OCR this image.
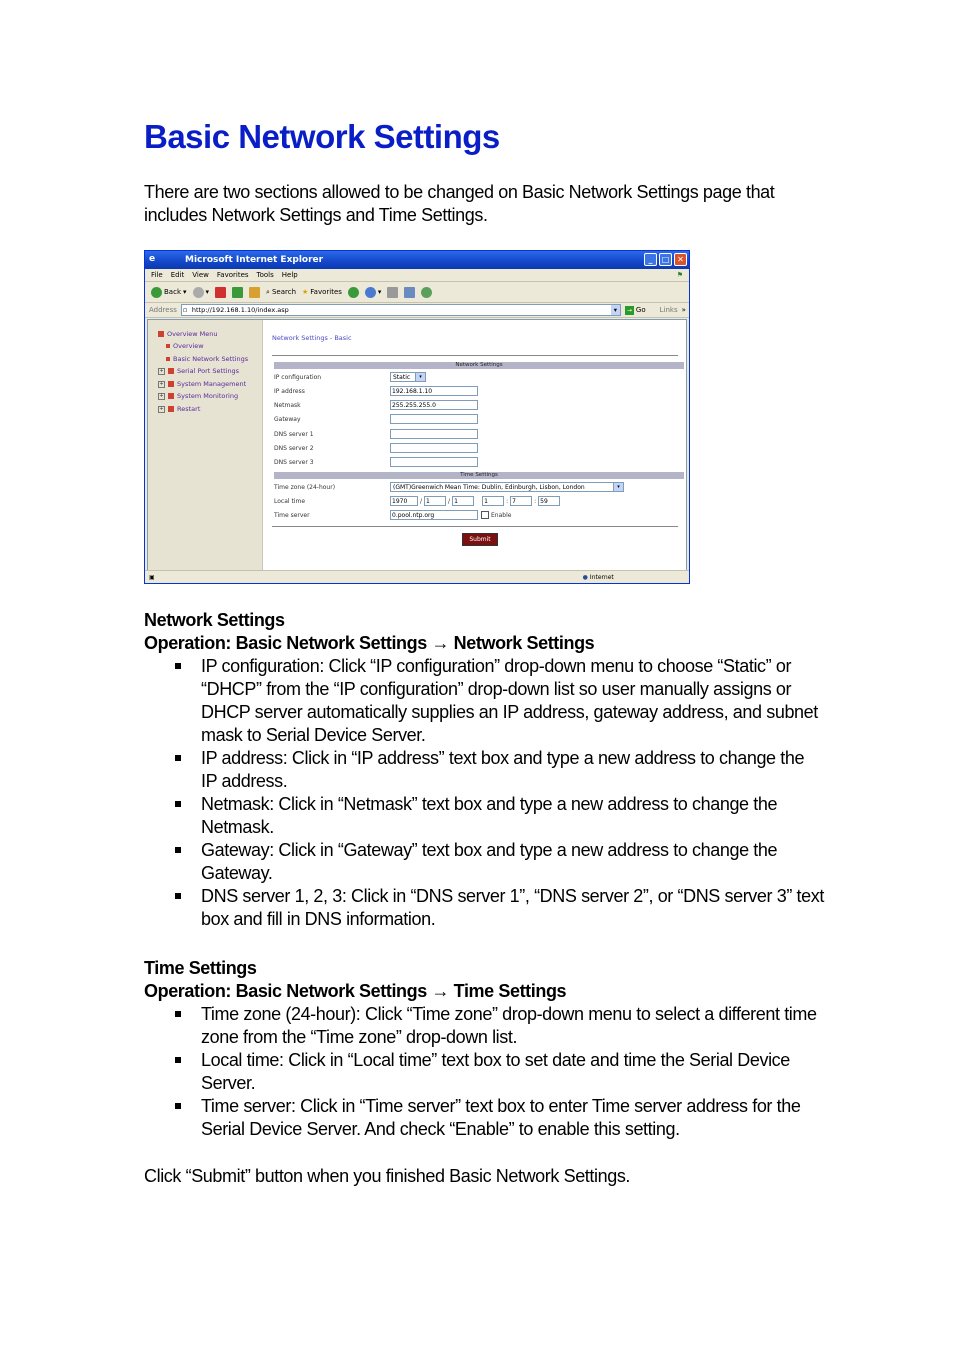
Basic Network Settings
There are two sections allowed to be changed on Basic Network Settings page that includes Network Settings and Time Settings.
e	Microsoft Internet Explorer	_	□ ✕
File Edit View Favorites Tools Help	⚑
Back ▾	▾	⌕ Search ★ Favorites	▾
Address ▫ http://192.168.1.10/index.asp	▾	→ Go Links »
Overview Menu
Overview
Basic Network Settings
+ Serial Port Settings
+ System Management
+ System Monitoring
+ Restart
Network Settings - Basic
Network Settings
IP configuration	Static	▾
IP address	192.168.1.10
Netmask	255.255.255.0
Gateway
DNS server 1
DNS server 2
DNS server 3
Time Settings
Time zone (24-hour)	(GMT)Greenwich Mean Time: Dublin, Edinburgh, Lisbon, London	▾
Local time	1970	/ 1	/ 1	1	: 7	: 59
Time server	0.pool.ntp.org	Enable
Submit
▣	● Internet
Network Settings
Operation: Basic Network Settings → Network Settings
IP configuration: Click “IP configuration” drop-down menu to choose “Static” or “DHCP” from the “IP configuration” drop-down list so user manually assigns or DHCP server automatically supplies an IP address, gateway address, and subnet mask to Serial Device Server.
IP address: Click in “IP address” text box and type a new address to change the IP address.
Netmask: Click in “Netmask” text box and type a new address to change the Netmask.
Gateway: Click in “Gateway” text box and type a new address to change the Gateway.
DNS server 1, 2, 3: Click in “DNS server 1”, “DNS server 2”, or “DNS server 3” text box and fill in DNS information.
Time Settings
Operation: Basic Network Settings → Time Settings
Time zone (24-hour): Click “Time zone” drop-down menu to select a different time zone from the “Time zone” drop-down list.
Local time: Click in “Local time” text box to set date and time the Serial Device Server.
Time server: Click in “Time server” text box to enter Time server address for the Serial Device Server. And check “Enable” to enable this setting.
Click “Submit” button when you finished Basic Network Settings.
